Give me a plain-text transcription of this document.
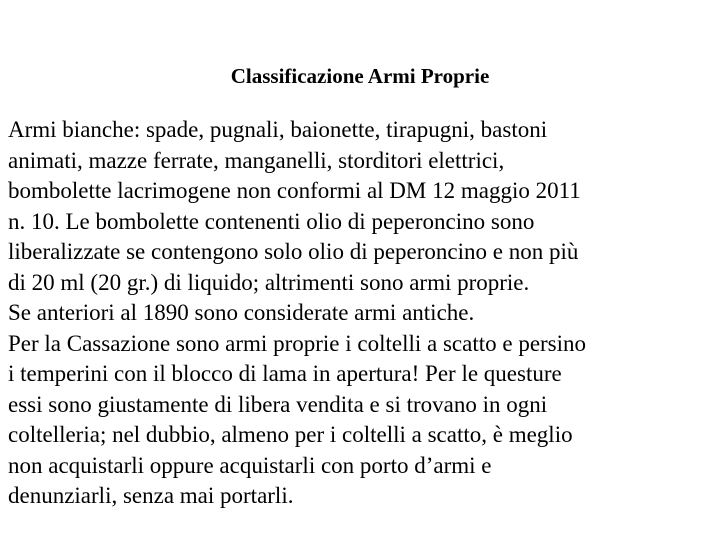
Classificazione Armi Proprie
Armi bianche: spade, pugnali, baionette, tirapugni, bastoni
animati, mazze ferrate, manganelli, storditori elettrici,
bombolette lacrimogene non conformi al DM 12 maggio 2011
n. 10. Le bombolette contenenti olio di peperoncino sono
liberalizzate se contengono solo olio di peperoncino e non più
di 20 ml (20 gr.) di liquido; altrimenti sono armi proprie.
Se anteriori al 1890 sono considerate armi antiche.
Per la Cassazione sono armi proprie i coltelli a scatto e persino
i temperini con il blocco di lama in apertura! Per le questure
essi sono giustamente di libera vendita e si trovano in ogni
coltelleria; nel dubbio, almeno per i coltelli a scatto, è meglio
non acquistarli oppure acquistarli con porto d’armi e
denunziarli, senza mai portarli.
